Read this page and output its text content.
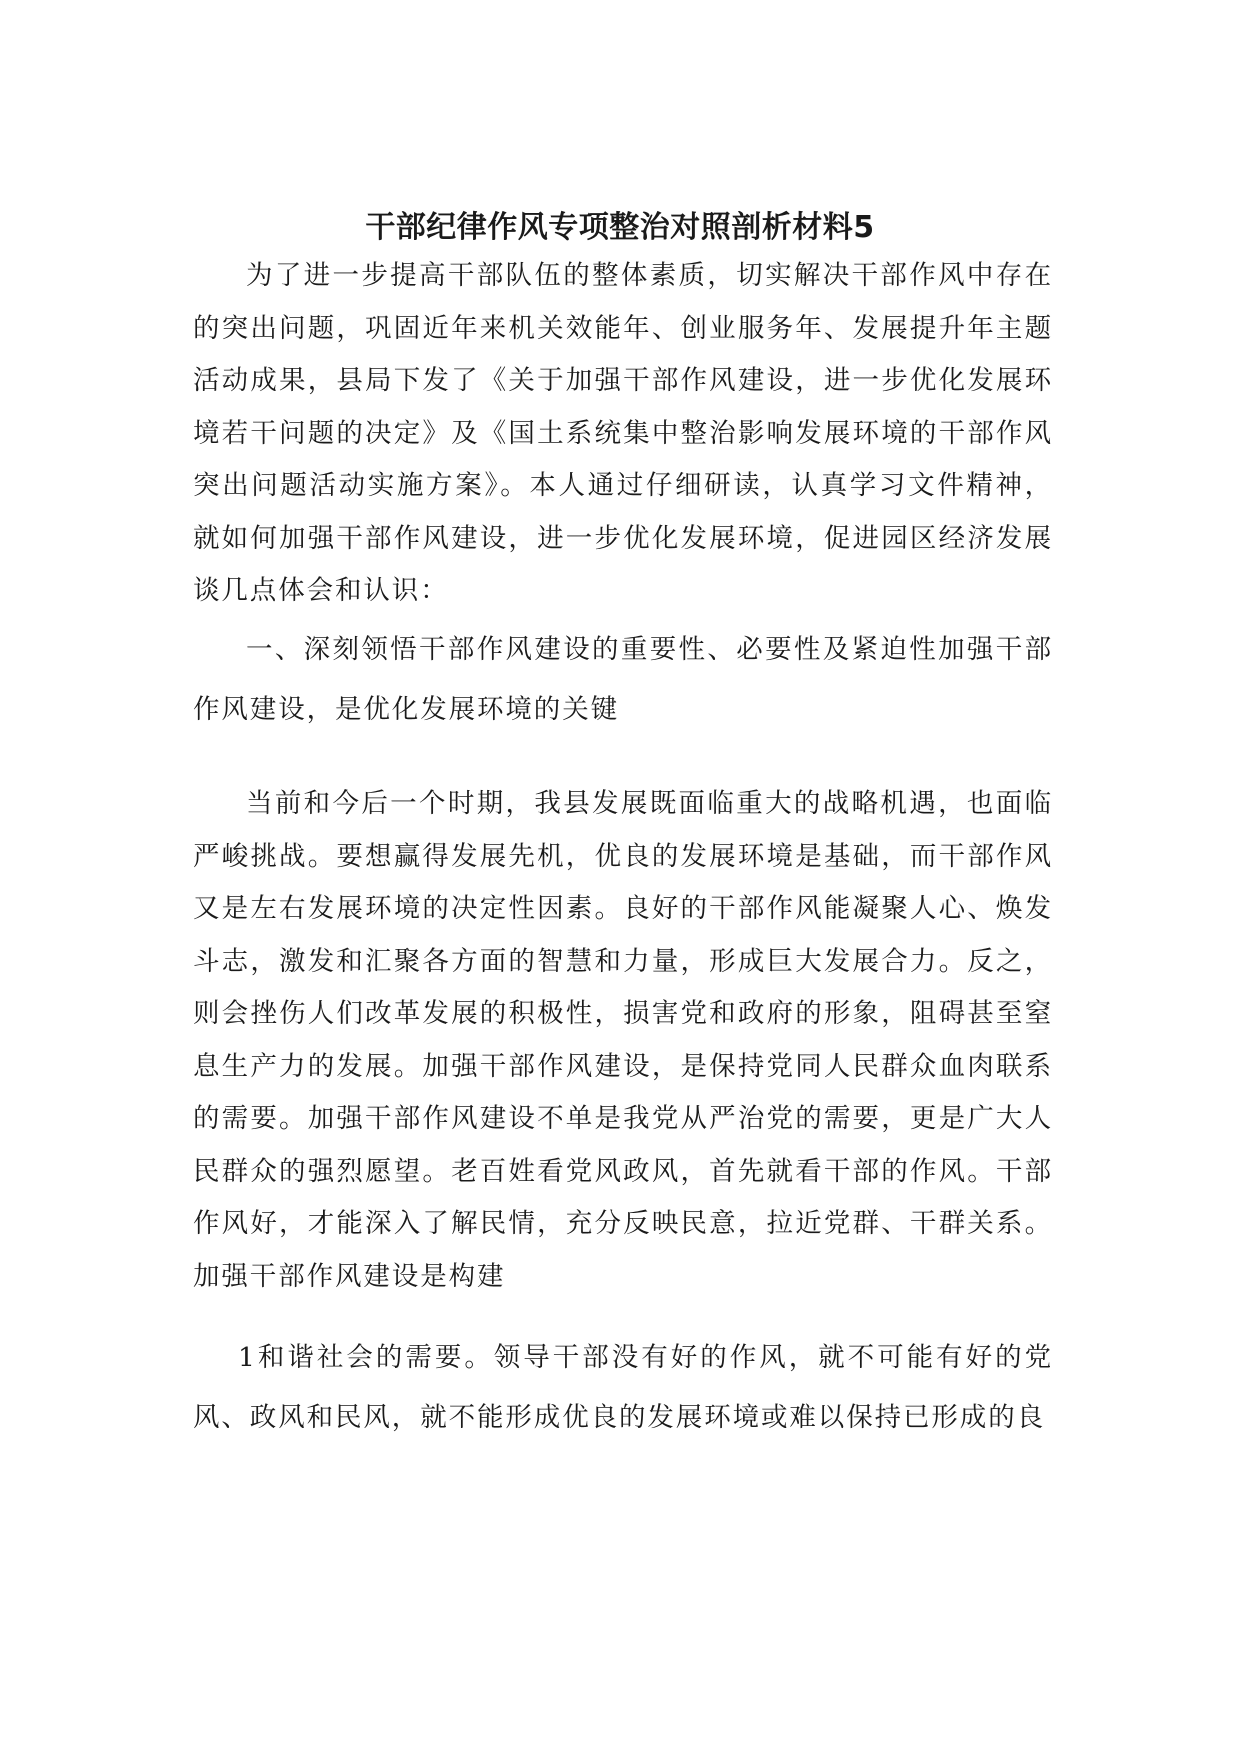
干部纪律作风专项整治对照剖析材料5

为了进一步提高干部队伍的整体素质，切实解决干部作风中存在的突出问题，巩固近年来机关效能年、创业服务年、发展提升年主题活动成果，县局下发了《关于加强干部作风建设，进一步优化发展环境若干问题的决定》及《国土系统集中整治影响发展环境的干部作风突出问题活动实施方案》。本人通过仔细研读，认真学习文件精神，就如何加强干部作风建设，进一步优化发展环境，促进园区经济发展谈几点体会和认识：

一、深刻领悟干部作风建设的重要性、必要性及紧迫性加强干部作风建设，是优化发展环境的关键

当前和今后一个时期，我县发展既面临重大的战略机遇，也面临严峻挑战。要想赢得发展先机，优良的发展环境是基础，而干部作风又是左右发展环境的决定性因素。良好的干部作风能凝聚人心、焕发斗志，激发和汇聚各方面的智慧和力量，形成巨大发展合力。反之，则会挫伤人们改革发展的积极性，损害党和政府的形象，阻碍甚至窒息生产力的发展。加强干部作风建设，是保持党同人民群众血肉联系的需要。加强干部作风建设不单是我党从严治党的需要，更是广大人民群众的强烈愿望。老百姓看党风政风，首先就看干部的作风。干部作风好，才能深入了解民情，充分反映民意，拉近党群、干群关系。加强干部作风建设是构建

1和谐社会的需要。领导干部没有好的作风，就不可能有好的党风、政风和民风，就不能形成优良的发展环境或难以保持已形成的良
